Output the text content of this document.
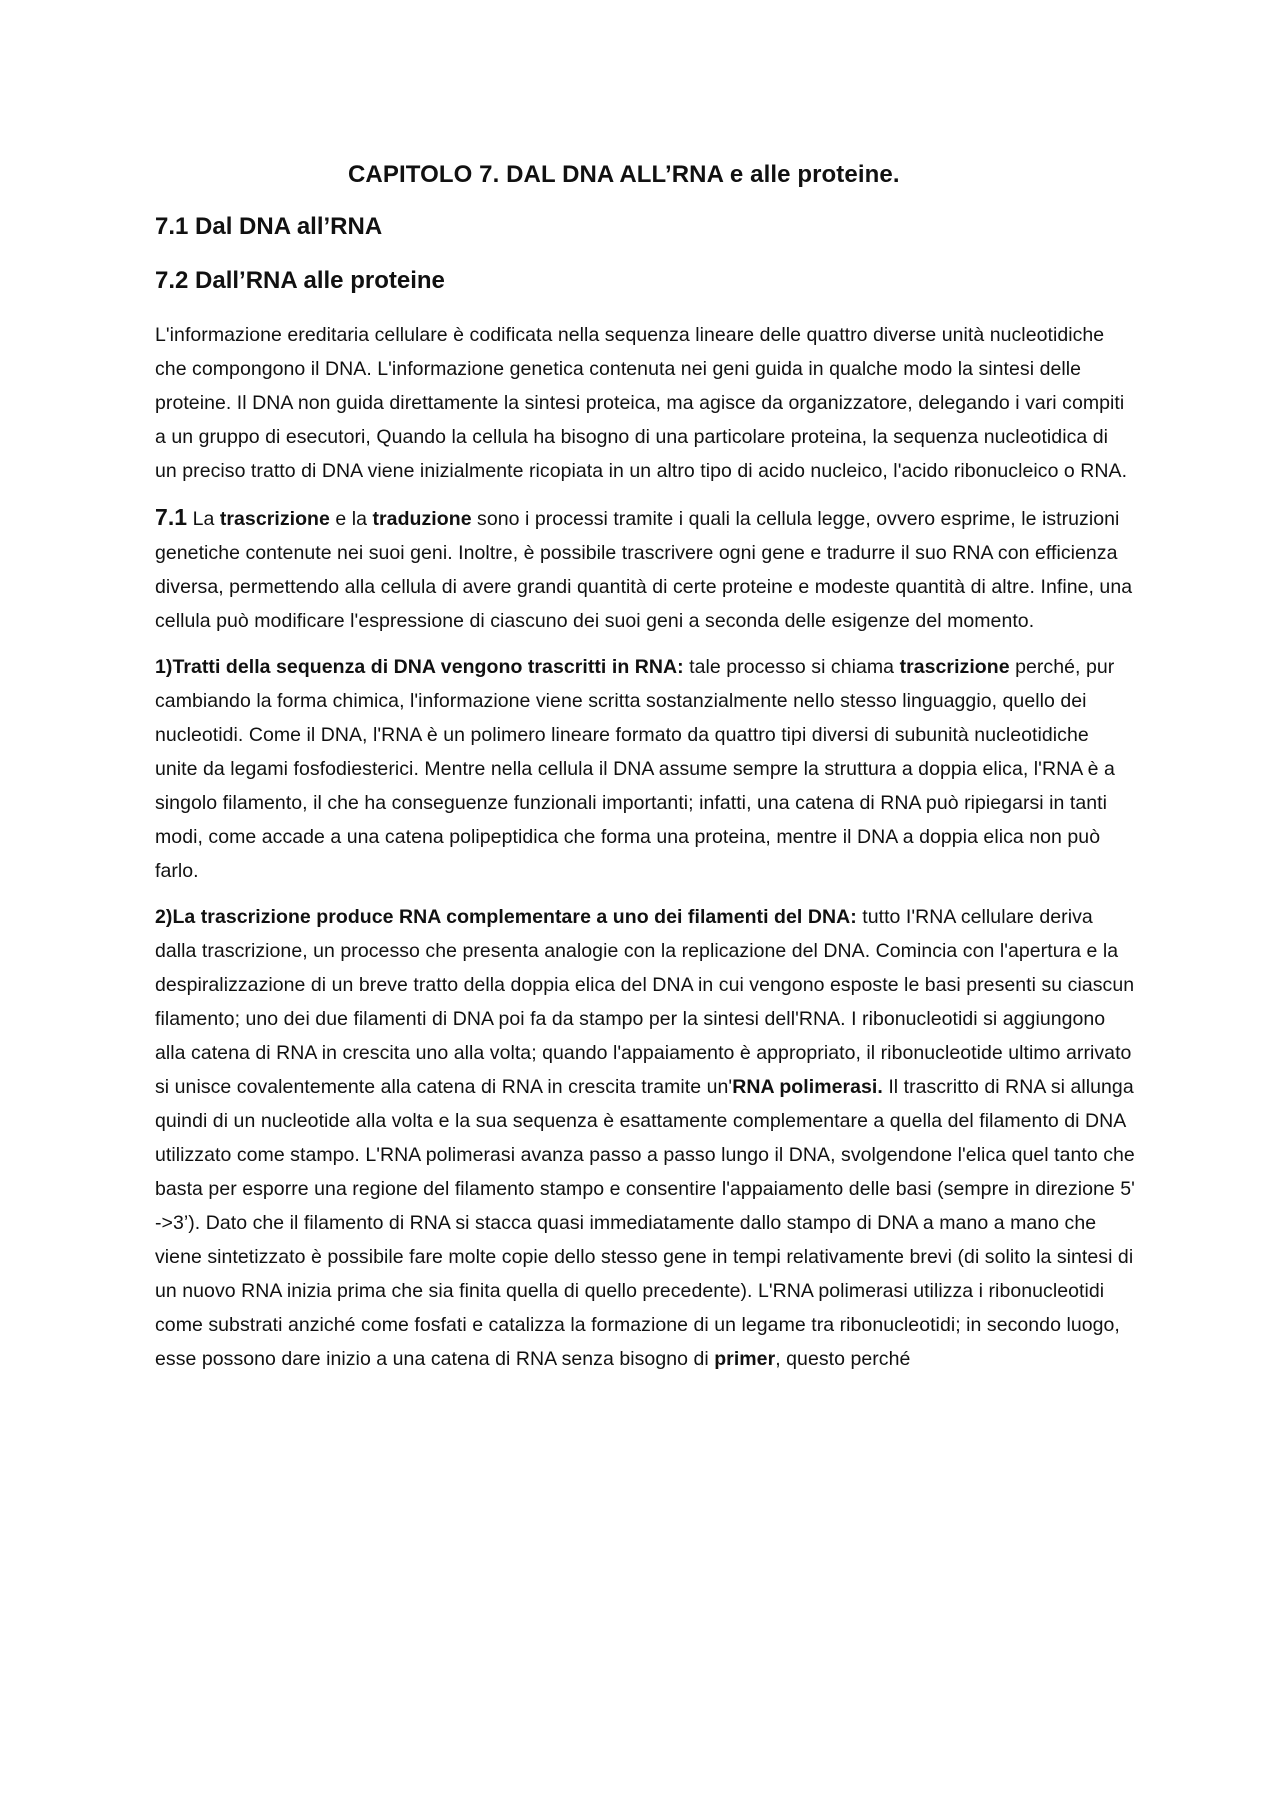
CAPITOLO 7. DAL DNA ALL’RNA e alle proteine.
7.1 Dal DNA all’RNA
7.2 Dall’RNA alle proteine

L'informazione ereditaria cellulare è codificata nella sequenza lineare delle quattro diverse unità nucleotidiche che compongono il DNA. L'informazione genetica contenuta nei geni guida in qualche modo la sintesi delle proteine. Il DNA non guida direttamente la sintesi proteica, ma agisce da organizzatore, delegando i vari compiti a un gruppo di esecutori, Quando la cellula ha bisogno di una particolare proteina, la sequenza nucleotidica di un preciso tratto di DNA viene inizialmente ricopiata in un altro tipo di acido nucleico, l'acido ribonucleico o RNA.

7.1 La trascrizione e la traduzione sono i processi tramite i quali la cellula legge, ovvero esprime, le istruzioni genetiche contenute nei suoi geni. Inoltre, è possibile trascrivere ogni gene e tradurre il suo RNA con efficienza diversa, permettendo alla cellula di avere grandi quantità di certe proteine e modeste quantità di altre. Infine, una cellula può modificare l'espressione di ciascuno dei suoi geni a seconda delle esigenze del momento.

1)Tratti della sequenza di DNA vengono trascritti in RNA: tale processo si chiama trascrizione perché, pur cambiando la forma chimica, l'informazione viene scritta sostanzialmente nello stesso linguaggio, quello dei nucleotidi. Come il DNA, l'RNA è un polimero lineare formato da quattro tipi diversi di subunità nucleotidiche unite da legami fosfodiesterici. Mentre nella cellula il DNA assume sempre la struttura a doppia elica, l'RNA è a singolo filamento, il che ha conseguenze funzionali importanti; infatti, una catena di RNA può ripiegarsi in tanti modi, come accade a una catena polipeptidica che forma una proteina, mentre il DNA a doppia elica non può farlo.

2)La trascrizione produce RNA complementare a uno dei filamenti del DNA: tutto I'RNA cellulare deriva dalla trascrizione, un processo che presenta analogie con la replicazione del DNA. Comincia con l'apertura e la despiralizzazione di un breve tratto della doppia elica del DNA in cui vengono esposte le basi presenti su ciascun filamento; uno dei due filamenti di DNA poi fa da stampo per la sintesi dell'RNA. I ribonucleotidi si aggiungono alla catena di RNA in crescita uno alla volta; quando l'appaiamento è appropriato, il ribonucleotide ultimo arrivato si unisce covalentemente alla catena di RNA in crescita tramite un'RNA polimerasi. Il trascritto di RNA si allunga quindi di un nucleotide alla volta e la sua sequenza è esattamente complementare a quella del filamento di DNA utilizzato come stampo. L'RNA polimerasi avanza passo a passo lungo il DNA, svolgendone l'elica quel tanto che basta per esporre una regione del filamento stampo e consentire l'appaiamento delle basi (sempre in direzione 5' ->3’). Dato che il filamento di RNA si stacca quasi immediatamente dallo stampo di DNA a mano a mano che viene sintetizzato è possibile fare molte copie dello stesso gene in tempi relativamente brevi (di solito la sintesi di un nuovo RNA inizia prima che sia finita quella di quello precedente). L'RNA polimerasi utilizza i ribonucleotidi come substrati anziché come fosfati e catalizza la formazione di un legame tra ribonucleotidi; in secondo luogo, esse possono dare inizio a una catena di RNA senza bisogno di primer, questo perché
